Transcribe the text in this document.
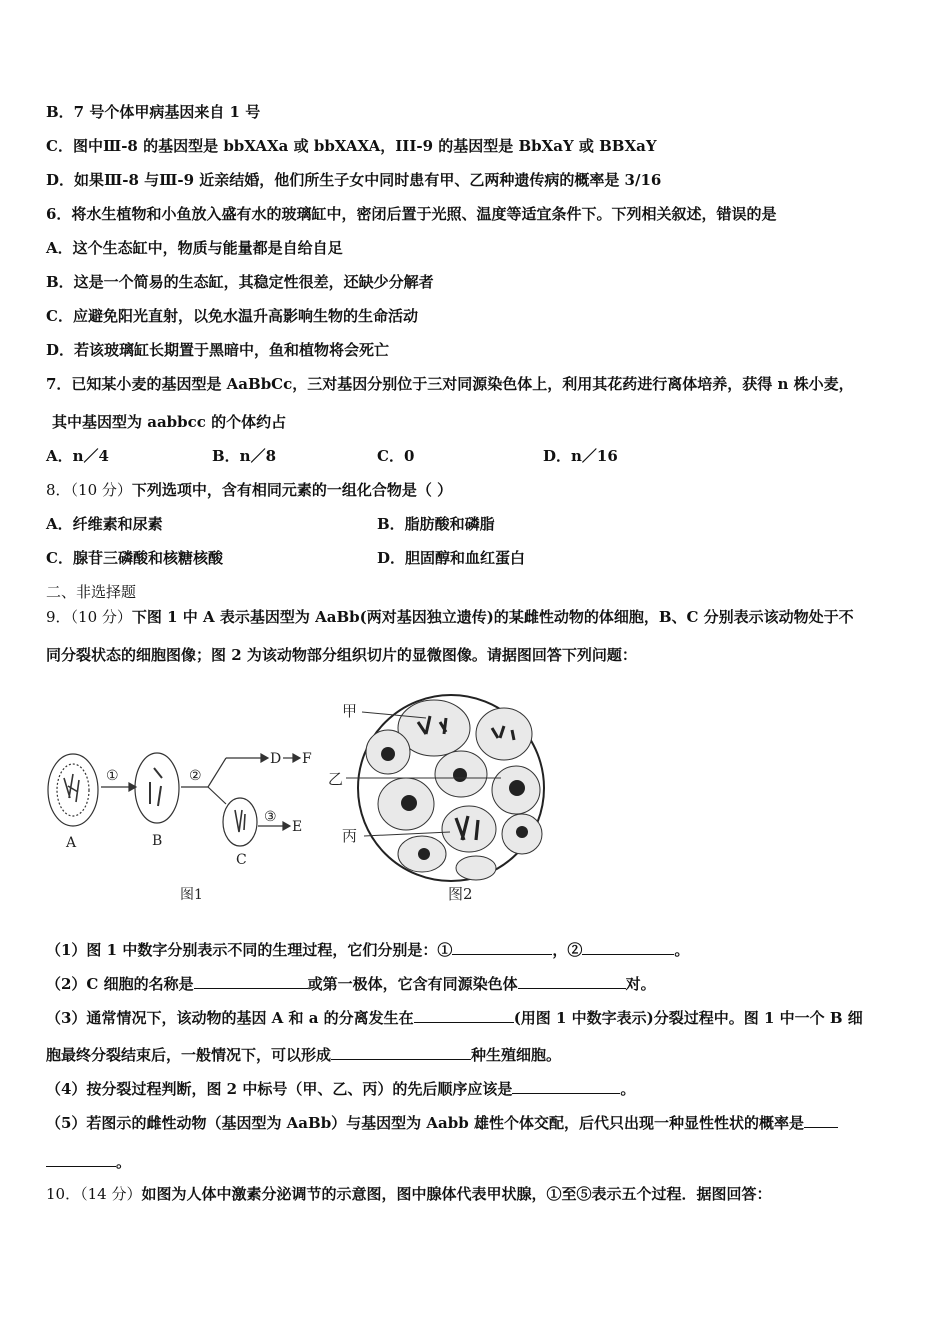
B．7 号个体甲病基因来自 1 号
C．图中Ⅲ-8 的基因型是 bbXAXa 或 bbXAXA，III-9 的基因型是 BbXaY 或 BBXaY
D．如果Ⅲ-8 与Ⅲ-9 近亲结婚，他们所生子女中同时患有甲、乙两种遗传病的概率是 3/16
6．将水生植物和小鱼放入盛有水的玻璃缸中，密闭后置于光照、温度等适宜条件下。下列相关叙述，错误的是
A．这个生态缸中，物质与能量都是自给自足
B．这是一个简易的生态缸，其稳定性很差，还缺少分解者
C．应避免阳光直射，以免水温升高影响生物的生命活动
D．若该玻璃缸长期置于黑暗中，鱼和植物将会死亡
7．已知某小麦的基因型是 AaBbCc，三对基因分别位于三对同源染色体上，利用其花药进行离体培养，获得 n 株小麦，
其中基因型为 aabbcc 的个体约占
A．n／4	B．n／8	C．0	D．n／16
8．（10 分）下列选项中，含有相同元素的一组化合物是（ ）
A．纤维素和尿素	B．脂肪酸和磷脂
C．腺苷三磷酸和核糖核酸	D．胆固醇和血红蛋白
二、非选择题
9．（10 分）下图 1 中 A 表示基因型为 AaBb(两对基因独立遗传)的某雌性动物的体细胞，B、C 分别表示该动物处于不
同分裂状态的细胞图像；图 2 为该动物部分组织切片的显微图像。请据图回答下列问题：
A	B
C
D
E
F
①	②
③
图1
甲
乙
丙
图2
（1）图 1 中数字分别表示不同的生理过程，它们分别是：①	，②	。
（2）C 细胞的名称是	或第一极体，它含有同源染色体	对。
（3）通常情况下，该动物的基因 A 和 a 的分离发生在	(用图 1 中数字表示)分裂过程中。图 1 中一个 B 细
胞最终分裂结束后，一般情况下，可以形成	种生殖细胞。
（4）按分裂过程判断，图 2 中标号（甲、乙、丙）的先后顺序应该是	。
（5）若图示的雌性动物（基因型为 AaBb）与基因型为 Aabb 雄性个体交配，后代只出现一种显性性状的概率是
。
10．（14 分）如图为人体中激素分泌调节的示意图，图中腺体代表甲状腺，①至⑤表示五个过程．据图回答：
